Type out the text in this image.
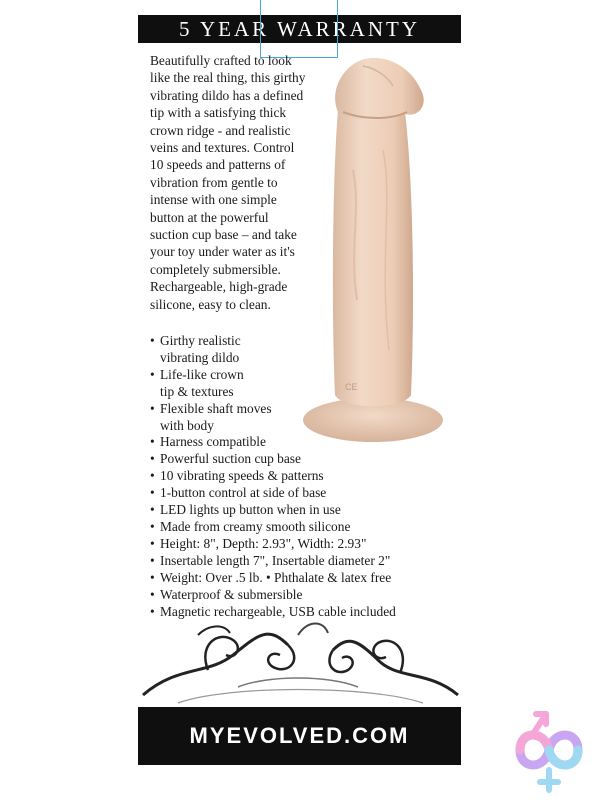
5 YEAR WARRANTY
Beautifully crafted to look
like the real thing, this girthy
vibrating dildo has a defined
tip with a satisfying thick
crown ridge - and realistic
veins and textures. Control
10 speeds and patterns of
vibration from gentle to
intense with one simple
button at the powerful
suction cup base – and take
your toy under water as it's
completely submersible.
Rechargeable, high-grade
silicone, easy to clean.
• Girthy realistic
vibrating dildo
• Life-like crown
tip & textures
• Flexible shaft moves
with body
• Harness compatible
• Powerful suction cup base
• 10 vibrating speeds & patterns
• 1-button control at side of base
• LED lights up button when in use
• Made from creamy smooth silicone
• Height: 8", Depth: 2.93", Width: 2.93"
• Insertable length 7", Insertable diameter 2"
• Weight: Over .5 lb. • Phthalate & latex free
• Waterproof & submersible
• Magnetic rechargeable, USB cable included
MYEVOLVED.COM
CE
